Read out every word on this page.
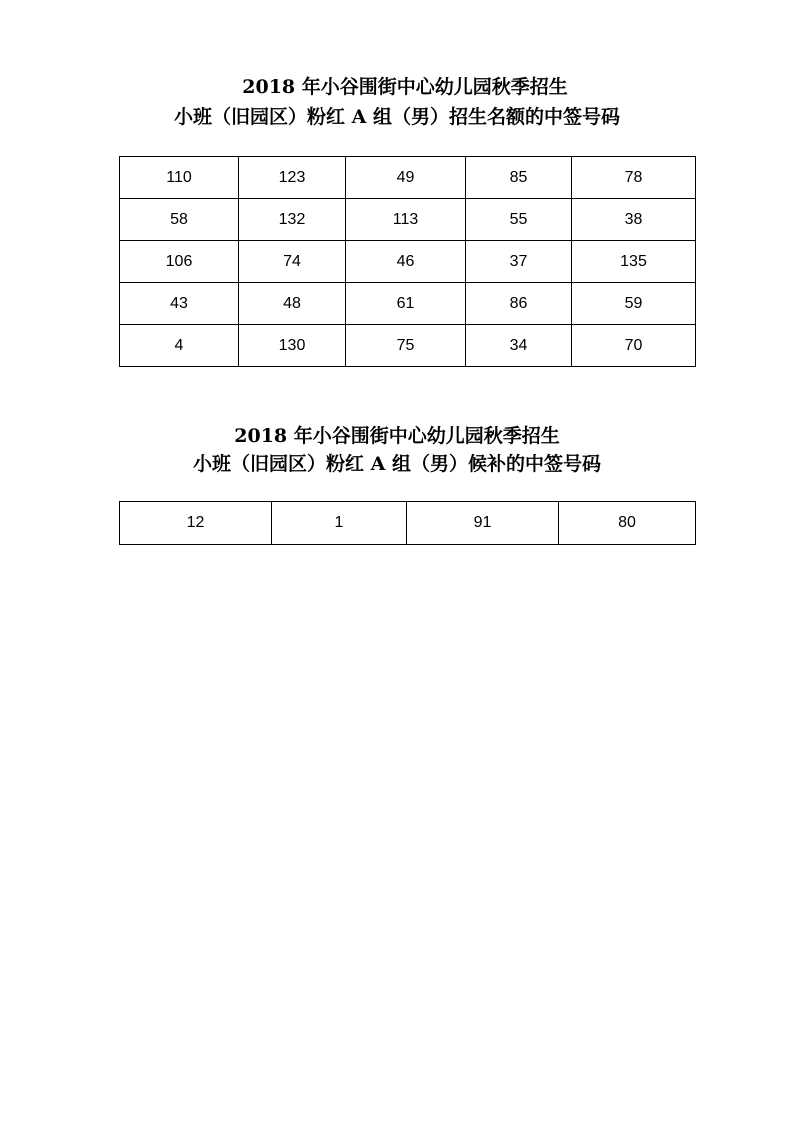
2018 年小谷围街中心幼儿园秋季招生
小班（旧园区）粉红 A 组（男）招生名额的中签号码
110	123	49	85	78
58	132	113	55	38
106	74	46	37	135
43	48	61	86	59
4	130	75	34	70
2018 年小谷围街中心幼儿园秋季招生
小班（旧园区）粉红 A 组（男）候补的中签号码
12	1	91	80
